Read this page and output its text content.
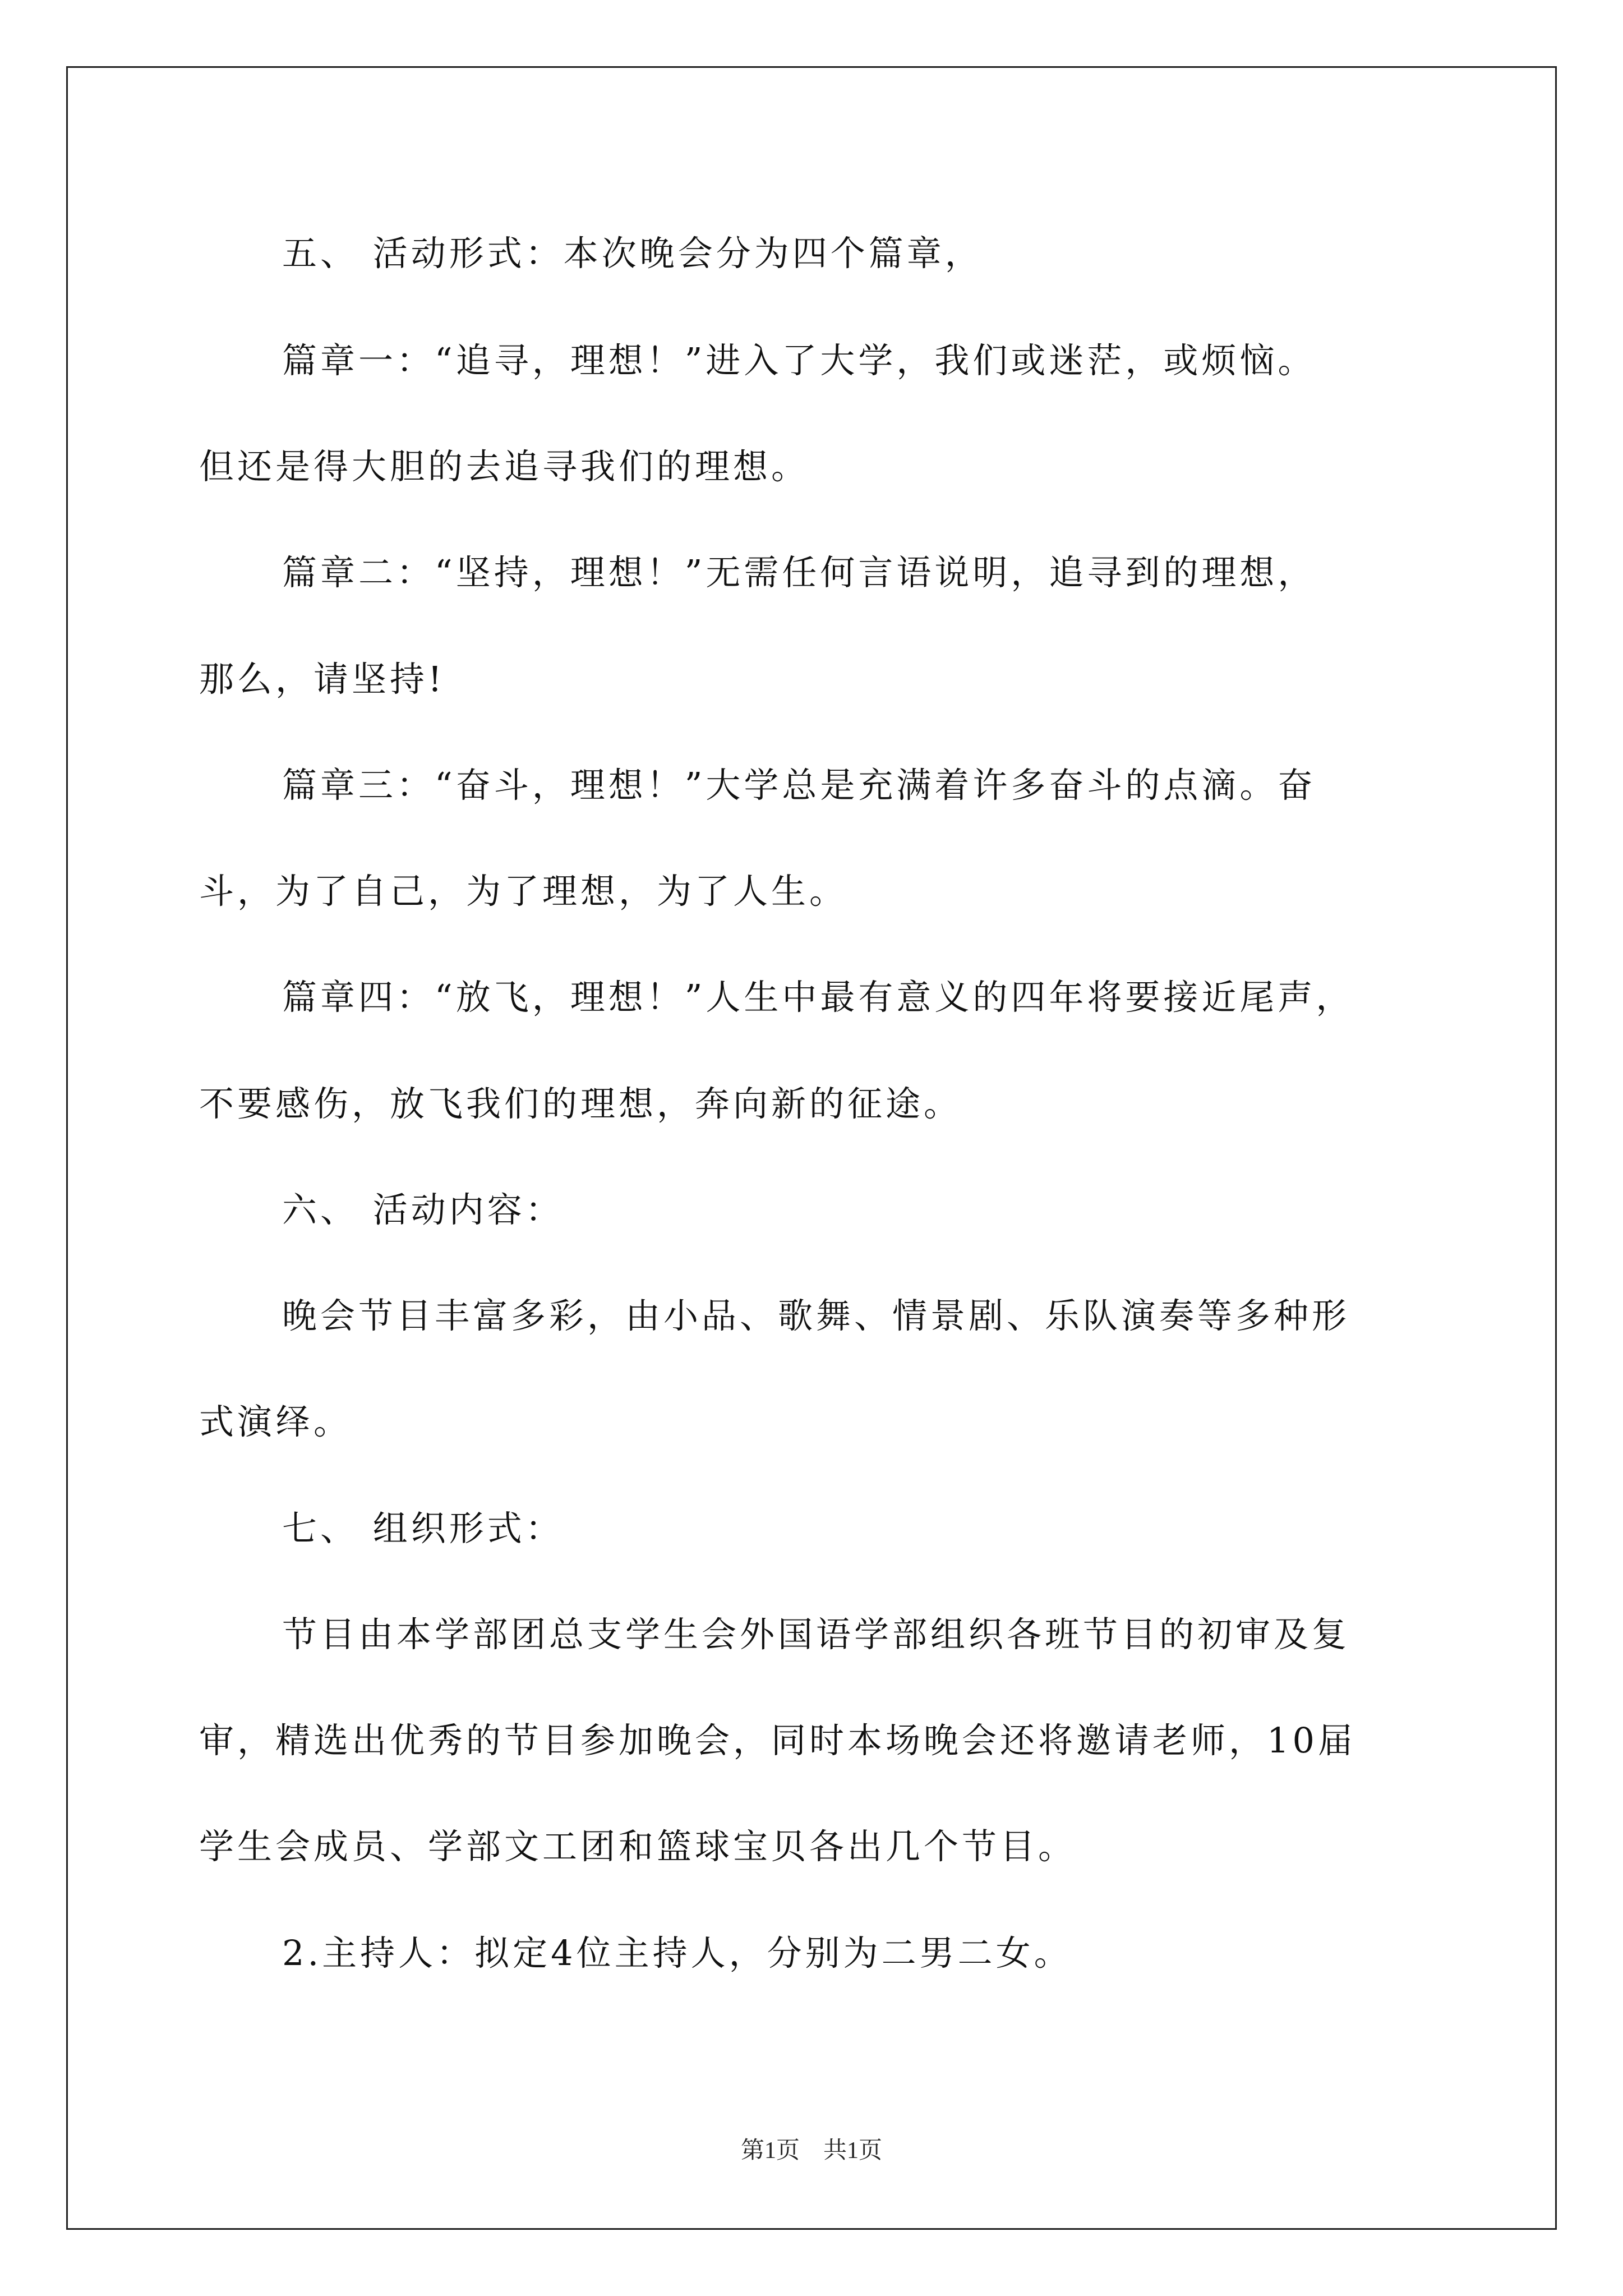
五、 活动形式：本次晚会分为四个篇章，
篇章一：“追寻，理想！”进入了大学，我们或迷茫，或烦恼。
但还是得大胆的去追寻我们的理想。
篇章二：“坚持，理想！”无需任何言语说明，追寻到的理想，
那么，请坚持!
篇章三：“奋斗，理想！”大学总是充满着许多奋斗的点滴。奋
斗，为了自己，为了理想，为了人生。
篇章四：“放飞，理想！”人生中最有意义的四年将要接近尾声，
不要感伤，放飞我们的理想，奔向新的征途。
六、 活动内容：
晚会节目丰富多彩，由小品、歌舞、情景剧、乐队演奏等多种形
式演绎。
七、 组织形式：
节目由本学部团总支学生会外国语学部组织各班节目的初审及复
审，精选出优秀的节目参加晚会，同时本场晚会还将邀请老师，10届
学生会成员、学部文工团和篮球宝贝各出几个节目。
2.主持人：拟定4位主持人，分别为二男二女。
第1页　共1页
